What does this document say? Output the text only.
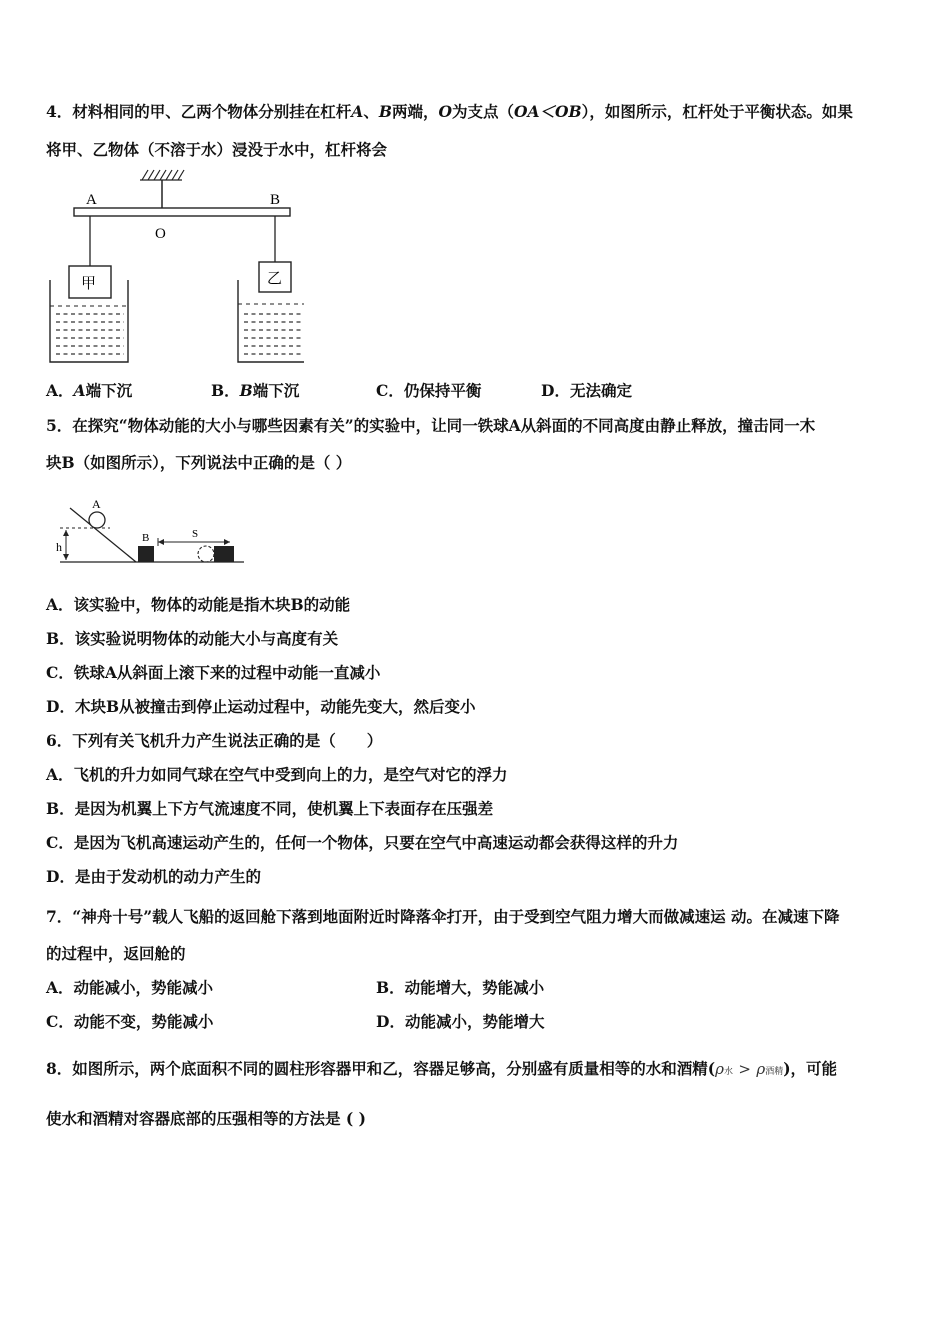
4．材料相同的甲、乙两个物体分别挂在杠杆A、B两端，O为支点（OA＜OB），如图所示，杠杆处于平衡状态。如果
将甲、乙物体（不溶于水）浸没于水中，杠杆将会
A	B
O
甲	乙
A．A端下沉	B．B端下沉	C．仍保持平衡	D．无法确定
5．在探究“物体动能的大小与哪些因素有关”的实验中，让同一铁球A从斜面的不同高度由静止释放，撞击同一木
块B（如图所示），下列说法中正确的是（ ）
h
A
B	S
A．该实验中，物体的动能是指木块B的动能
B．该实验说明物体的动能大小与高度有关
C．铁球A从斜面上滚下来的过程中动能一直减小
D．木块B从被撞击到停止运动过程中，动能先变大，然后变小
6．下列有关飞机升力产生说法正确的是（　　）
A．飞机的升力如同气球在空气中受到向上的力，是空气对它的浮力
B．是因为机翼上下方气流速度不同，使机翼上下表面存在压强差
C．是因为飞机高速运动产生的，任何一个物体，只要在空气中高速运动都会获得这样的升力
D．是由于发动机的动力产生的
7．“神舟十号”载人飞船的返回舱下落到地面附近时降落伞打开，由于受到空气阻力增大而做减速运 动。在减速下降
的过程中，返回舱的
A．动能减小，势能减小	B．动能增大，势能减小
C．动能不变，势能减小	D．动能减小，势能增大
8．如图所示，两个底面积不同的圆柱形容器甲和乙，容器足够高，分别盛有质量相等的水和酒精(ρ水 > ρ酒精)，可能
使水和酒精对容器底部的压强相等的方法是 ( )
